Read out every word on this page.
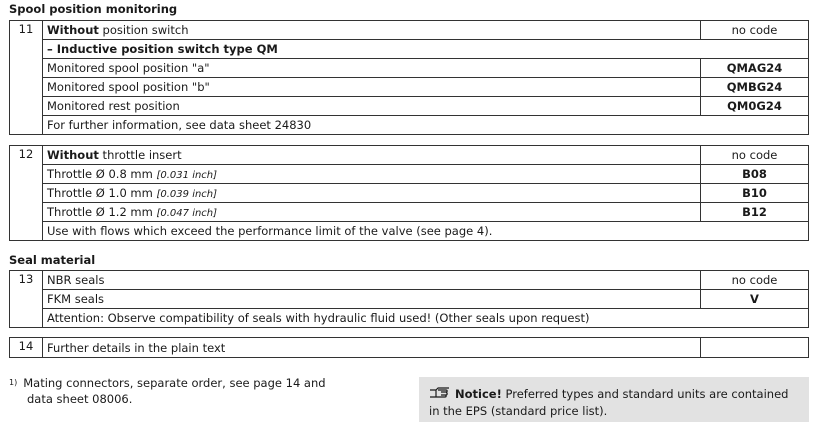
Spool position monitoring
11	Without position switch	no code
	– Inductive position switch type QM	
	Monitored spool position "a"	QMAG24
	Monitored spool position "b"	QMBG24
	Monitored rest position	QM0G24
	For further information, see data sheet 24830	
12	Without throttle insert	no code
	Throttle Ø 0.8 mm [0.031 inch]	B08
	Throttle Ø 1.0 mm [0.039 inch]	B10
	Throttle Ø 1.2 mm [0.047 inch]	B12
	Use with flows which exceed the performance limit of the valve (see page 4).	
Seal material
13	NBR seals	no code
	FKM seals	V
	Attention: Observe compatibility of seals with hydraulic fluid used! (Other seals upon request)	
14	Further details in the plain text	
$^{1)}$ Mating connectors, separate order, see page 14 and
data sheet 08006.	Notice! Preferred types and standard units are contained
in the EPS (standard price list).
